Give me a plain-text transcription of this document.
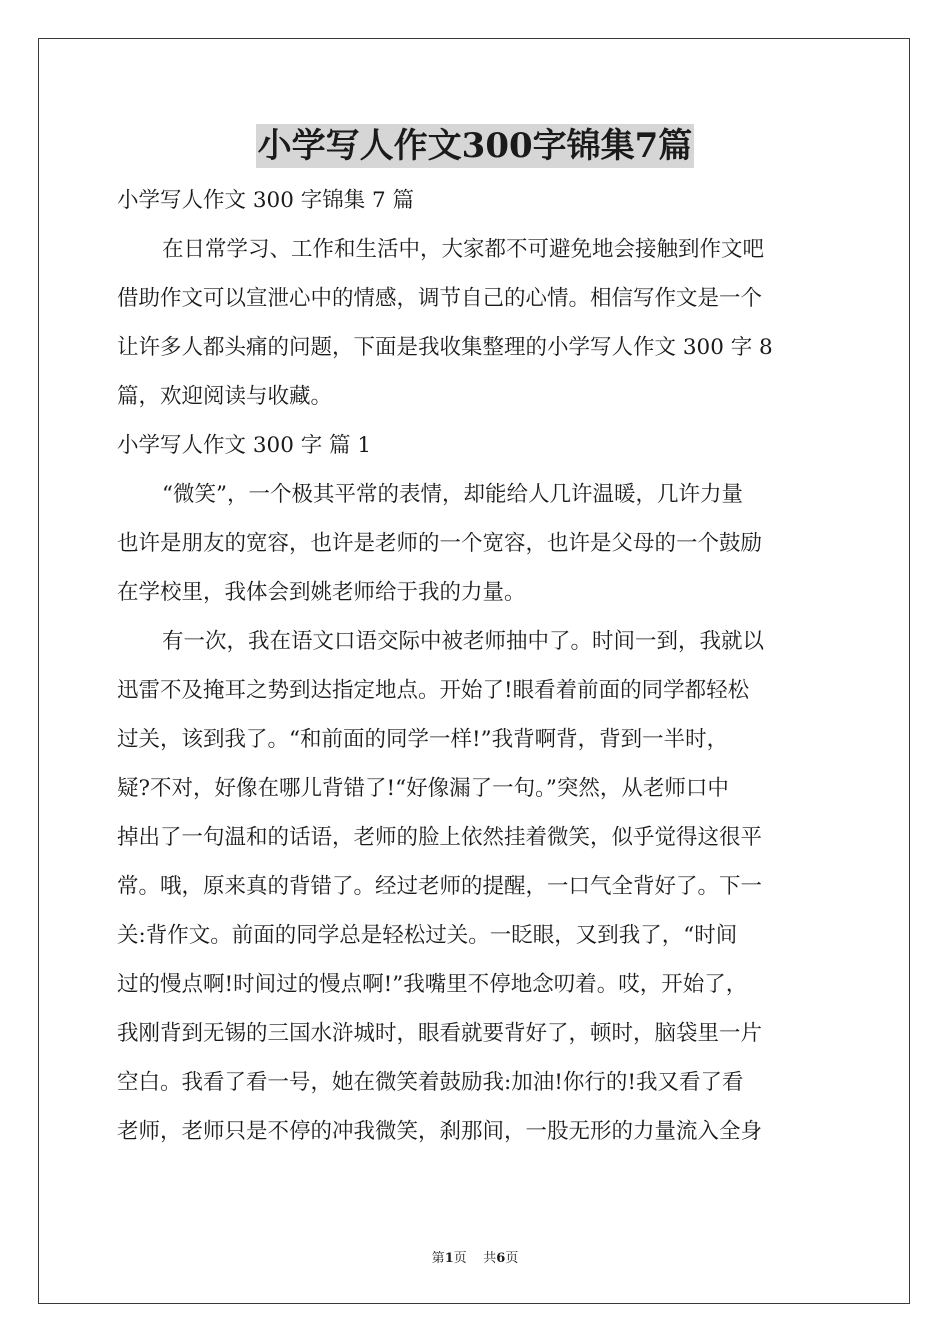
小学写人作文300字锦集7篇
小学写人作文 300 字锦集 7 篇
在日常学习、工作和生活中，大家都不可避免地会接触到作文吧
借助作文可以宣泄心中的情感，调节自己的心情。相信写作文是一个
让许多人都头痛的问题，下面是我收集整理的小学写人作文 300 字 8
篇，欢迎阅读与收藏。
小学写人作文 300 字 篇 1
“微笑”，一个极其平常的表情，却能给人几许温暖，几许力量
也许是朋友的宽容，也许是老师的一个宽容，也许是父母的一个鼓励
在学校里，我体会到姚老师给于我的力量。
有一次，我在语文口语交际中被老师抽中了。时间一到，我就以
迅雷不及掩耳之势到达指定地点。开始了!眼看着前面的同学都轻松
过关，该到我了。“和前面的同学一样!”我背啊背，背到一半时，
疑?不对，好像在哪儿背错了!“好像漏了一句。”突然，从老师口中
掉出了一句温和的话语，老师的脸上依然挂着微笑，似乎觉得这很平
常。哦，原来真的背错了。经过老师的提醒，一口气全背好了。下一
关:背作文。前面的同学总是轻松过关。一眨眼，又到我了，“时间
过的慢点啊!时间过的慢点啊!”我嘴里不停地念叨着。哎，开始了，
我刚背到无锡的三国水浒城时，眼看就要背好了，顿时，脑袋里一片
空白。我看了看一号，她在微笑着鼓励我:加油!你行的!我又看了看
老师，老师只是不停的冲我微笑，刹那间，一股无形的力量流入全身
第1页    共6页
